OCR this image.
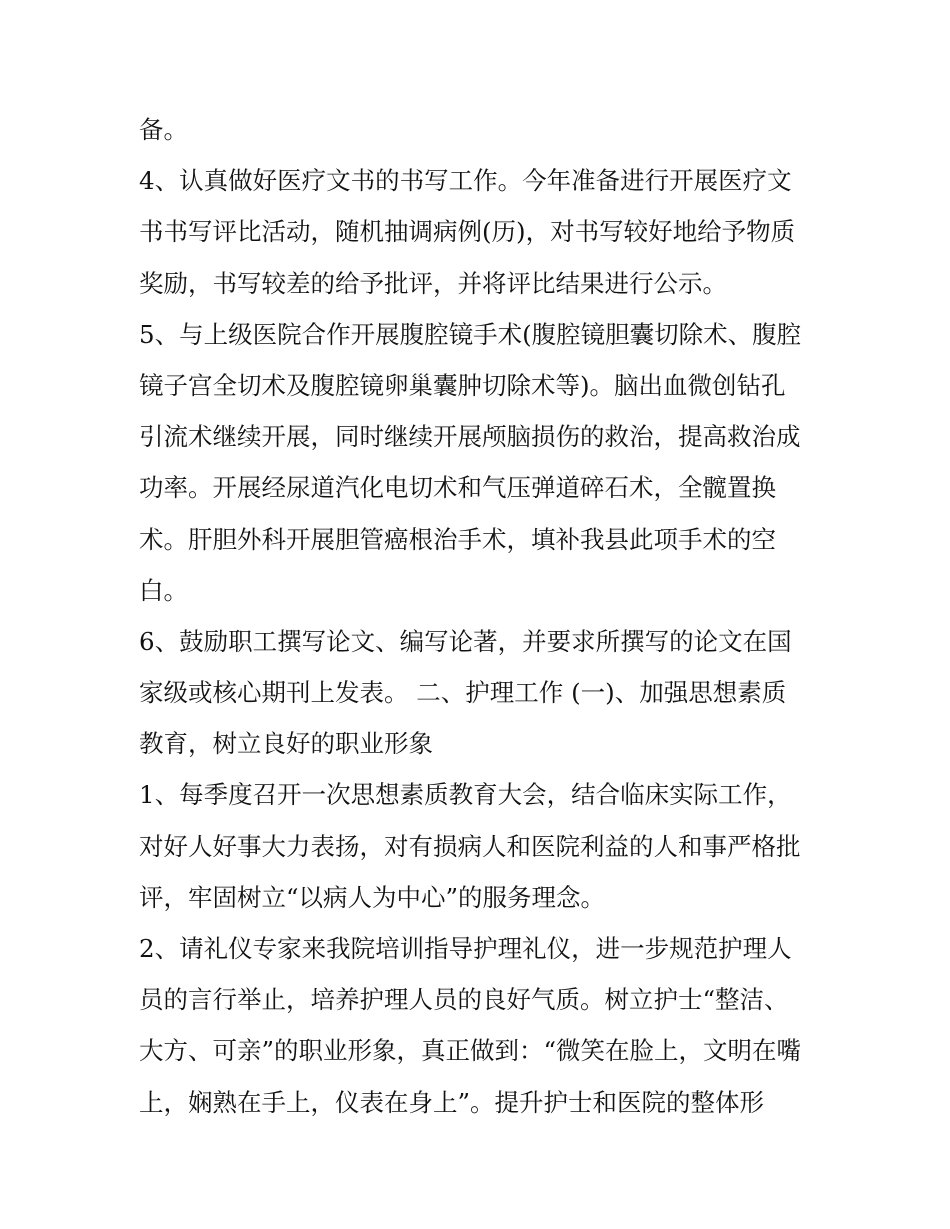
备。
4、认真做好医疗文书的书写工作。今年准备进行开展医疗文
书书写评比活动，随机抽调病例(历)，对书写较好地给予物质
奖励，书写较差的给予批评，并将评比结果进行公示。
5、与上级医院合作开展腹腔镜手术(腹腔镜胆囊切除术、腹腔
镜子宫全切术及腹腔镜卵巢囊肿切除术等)。脑出血微创钻孔
引流术继续开展，同时继续开展颅脑损伤的救治，提高救治成
功率。开展经尿道汽化电切术和气压弹道碎石术，全髋置换
术。肝胆外科开展胆管癌根治手术，填补我县此项手术的空
白。
6、鼓励职工撰写论文、编写论著，并要求所撰写的论文在国
家级或核心期刊上发表。 二、护理工作 (一)、加强思想素质
教育，树立良好的职业形象
1、每季度召开一次思想素质教育大会，结合临床实际工作，
对好人好事大力表扬，对有损病人和医院利益的人和事严格批
评，牢固树立“以病人为中心”的服务理念。
2、请礼仪专家来我院培训指导护理礼仪，进一步规范护理人
员的言行举止，培养护理人员的良好气质。树立护士“整洁、
大方、可亲”的职业形象，真正做到：“微笑在脸上，文明在嘴
上，娴熟在手上，仪表在身上”。提升护士和医院的整体形
